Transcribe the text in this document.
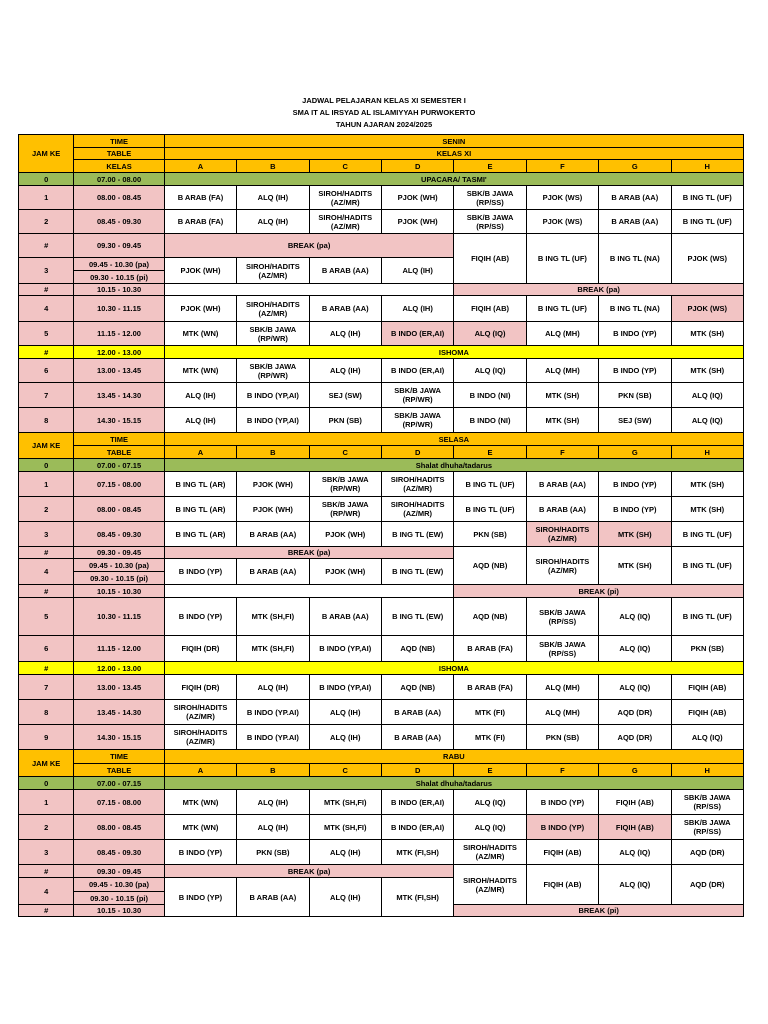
JADWAL PELAJARAN KELAS XI SEMESTER I
SMA IT AL IRSYAD AL ISLAMIYYAH PURWOKERTO
TAHUN AJARAN 2024/2025
JAM KE	TIME	SENIN							
	TABLE	KELAS XI							
	KELAS	A	B	C	D	E	F	G	H
0	07.00 - 08.00	UPACARA/ TASMI'							
1	08.00 - 08.45	B ARAB (FA)	ALQ (IH)	SIROH/HADITS (AZ/MR)	PJOK (WH)	SBK/B JAWA (RP/SS)	PJOK (WS)	B ARAB (AA)	B ING TL (UF)
2	08.45 - 09.30	B ARAB (FA)	ALQ (IH)	SIROH/HADITS (AZ/MR)	PJOK (WH)	SBK/B JAWA (RP/SS)	PJOK (WS)	B ARAB (AA)	B ING TL (UF)
#	09.30 - 09.45	BREAK (pa)				FIQIH (AB)	B ING TL (UF)	B ING TL (NA)	PJOK (WS)
3	09.45 - 10.30 (pa)	PJOK (WH)	SIROH/HADITS (AZ/MR)	B ARAB (AA)	ALQ (IH)				
	09.30 - 10.15 (pi)								
#	10.15 - 10.30					BREAK (pa)			
4	10.30 - 11.15	PJOK (WH)	SIROH/HADITS (AZ/MR)	B ARAB (AA)	ALQ (IH)	FIQIH (AB)	B ING TL (UF)	B ING TL (NA)	PJOK (WS)
5	11.15 - 12.00	MTK (WN)	SBK/B JAWA (RP/WR)	ALQ (IH)	B INDO (ER,AI)	ALQ (IQ)	ALQ (MH)	B INDO (YP)	MTK (SH)
#	12.00 - 13.00	ISHOMA							
6	13.00 - 13.45	MTK (WN)	SBK/B JAWA (RP/WR)	ALQ (IH)	B INDO (ER,AI)	ALQ (IQ)	ALQ (MH)	B INDO (YP)	MTK (SH)
7	13.45 - 14.30	ALQ (IH)	B INDO (YP,AI)	SEJ (SW)	SBK/B JAWA (RP/WR)	B INDO (NI)	MTK (SH)	PKN (SB)	ALQ (IQ)
8	14.30 - 15.15	ALQ (IH)	B INDO (YP,AI)	PKN (SB)	SBK/B JAWA (RP/WR)	B INDO (NI)	MTK (SH)	SEJ (SW)	ALQ (IQ)
JAM KE	TIME	SELASA							
	TABLE	A	B	C	D	E	F	G	H
0	07.00 - 07.15	Shalat dhuha/tadarus							
1	07.15 - 08.00	B ING TL (AR)	PJOK (WH)	SBK/B JAWA (RP/WR)	SIROH/HADITS (AZ/MR)	B ING TL (UF)	B ARAB (AA)	B INDO (YP)	MTK (SH)
2	08.00 - 08.45	B ING TL (AR)	PJOK (WH)	SBK/B JAWA (RP/WR)	SIROH/HADITS (AZ/MR)	B ING TL (UF)	B ARAB (AA)	B INDO (YP)	MTK (SH)
3	08.45 - 09.30	B ING TL (AR)	B ARAB (AA)	PJOK (WH)	B ING TL (EW)	PKN (SB)	SIROH/HADITS (AZ/MR)	MTK (SH)	B ING TL (UF)
#	09.30 - 09.45	BREAK (pa)				AQD (NB)	SIROH/HADITS (AZ/MR)	MTK (SH)	B ING TL (UF)
4	09.45 - 10.30 (pa)	B INDO (YP)	B ARAB (AA)	PJOK (WH)	B ING TL (EW)				
	09.30 - 10.15 (pi)								
#	10.15 - 10.30					BREAK (pi)			
5	10.30 - 11.15	B INDO (YP)	MTK (SH,FI)	B ARAB (AA)	B ING TL (EW)	AQD (NB)	SBK/B JAWA (RP/SS)	ALQ (IQ)	B ING TL (UF)
6	11.15 - 12.00	FIQIH (DR)	MTK (SH,FI)	B INDO (YP,AI)	AQD (NB)	B ARAB (FA)	SBK/B JAWA (RP/SS)	ALQ (IQ)	PKN (SB)
#	12.00 - 13.00	ISHOMA							
7	13.00 - 13.45	FIQIH (DR)	ALQ (IH)	B INDO (YP,AI)	AQD (NB)	B ARAB (FA)	ALQ (MH)	ALQ (IQ)	FIQIH (AB)
8	13.45 - 14.30	SIROH/HADITS (AZ/MR)	B INDO (YP.AI)	ALQ (IH)	B ARAB (AA)	MTK (FI)	ALQ (MH)	AQD (DR)	FIQIH (AB)
9	14.30 - 15.15	SIROH/HADITS (AZ/MR)	B INDO (YP.AI)	ALQ (IH)	B ARAB (AA)	MTK (FI)	PKN (SB)	AQD (DR)	ALQ (IQ)
JAM KE	TIME	RABU							
	TABLE	A	B	C	D	E	F	G	H
0	07.00 - 07.15	Shalat dhuha/tadarus							
1	07.15 - 08.00	MTK (WN)	ALQ (IH)	MTK (SH,FI)	B INDO (ER,AI)	ALQ (IQ)	B INDO (YP)	FIQIH (AB)	SBK/B JAWA (RP/SS)
2	08.00 - 08.45	MTK (WN)	ALQ (IH)	MTK (SH,FI)	B INDO (ER,AI)	ALQ (IQ)	B INDO (YP)	FIQIH (AB)	SBK/B JAWA (RP/SS)
3	08.45 - 09.30	B INDO (YP)	PKN (SB)	ALQ (IH)	MTK (FI,SH)	SIROH/HADITS (AZ/MR)	FIQIH (AB)	ALQ (IQ)	AQD (DR)
#	09.30 - 09.45	BREAK (pa)				SIROH/HADITS (AZ/MR)	FIQIH (AB)	ALQ (IQ)	AQD (DR)
4	09.45 - 10.30 (pa)	B INDO (YP)	B ARAB (AA)	ALQ (IH)	MTK (FI,SH)				
	09.30 - 10.15 (pi)								
#	10.15 - 10.30					BREAK (pi)			
